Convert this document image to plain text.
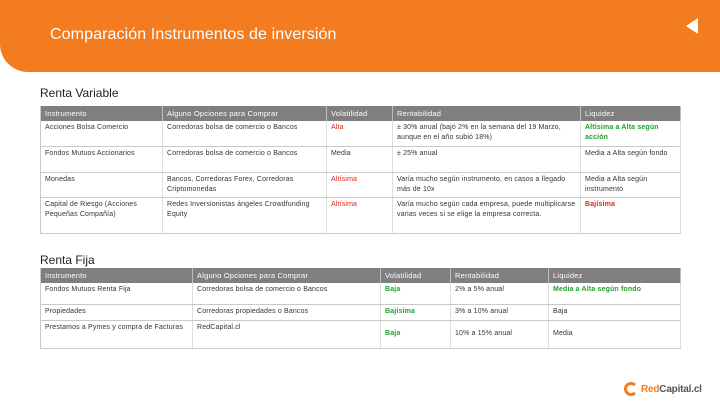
Comparación Instrumentos de inversión
Renta Variable
Instrumento	Alguno Opciones para Comprar	Volatilidad	Rentabilidad	Liquidez
Acciones Bolsa Comercio	Corredoras bolsa de comercio o Bancos	Alta	± 30% anual (bajó 2% en la semana del 19 Marzo, aunque en el año subió 18%)	Altísima a Alta según acción
Fondos Mutuos Accionarios	Corredoras bolsa de comercio o Bancos	Media	± 25% anual	Media a Alta según fondo
Monedas	Bancos, Corredoras Forex, Corredoras Criptomonedas	Altísima	Varía mucho según instrumento, en casos a llegado más de 10x	Media a Alta según instrumento
Capital de Riesgo (Acciones Pequeñas Compañía)	Redes Inversionistas ángeles Crowdfunding Equity	Altísima	Varía mucho según cada empresa, puede multiplicarse varias veces si se elige la empresa correcta.	Bajísima
Renta Fija
Instrumento	Alguno Opciones para Comprar	Volatilidad	Rentabilidad	Liquidez
Fondos Mutuos Renta Fija	Corredoras bolsa de comercio o Bancos	Baja	2% a 5% anual	Media a Alta según fondo
Propiedades	Corredoras propiedades o Bancos	Bajísima	3% a 10% anual	Baja
Prestamos a Pymes y compra de Facturas	RedCapital.cl	Baja	10% a 15% anual	Media
RedCapital.cl
